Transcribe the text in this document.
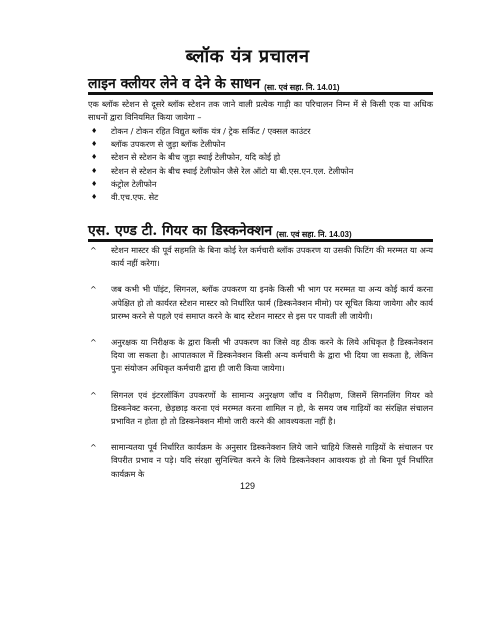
ब्लॉक यंत्र प्रचालन
लाइन क्लीयर लेने व देने के साधन (सा. एवं सहा. नि. 14.01)
एक ब्लॉक स्टेशन से दूसरे ब्लॉक स्टेशन तक जाने वाली प्रत्येक गाड़ी का परिचालन निम्न में से किसी एक या अधिक साधनों द्वारा विनियमित किया जायेगा –
♦ टोकन / टोकन रहित विद्युत ब्लॉक यंत्र / ट्रेक सर्किट / एक्सल काउंटर
♦ ब्लॉक उपकरण से जुड़ा ब्लॉक टेलीफोन
♦ स्टेशन से स्टेशन के बीच जुड़ा स्थाई टेलीफोन, यदि कोई हो
♦ स्टेशन से स्टेशन के बीच स्थाई टेलीफोन जैसे रेल ऑटो या बी.एस.एन.एल. टेलीफोन
♦ कंट्रोल टेलीफोन
♦ वी.एच.एफ. सेट
एस. एण्ड टी. गियर का डिस्कनेक्शन (सा. एवं सहा. नि. 14.03)
^ स्टेशन मास्टर की पूर्व सहमति के बिना कोई रेल कर्मचारी ब्लॉक उपकरण या उसकी फिटिंग की मरम्मत या अन्य कार्य नहीं करेगा।
^ जब कभी भी पॉइंट, सिगनल, ब्लॉक उपकरण या इनके किसी भी भाग पर मरम्मत या अन्य कोई कार्य करना अपेक्षित हो तो कार्यरत स्टेशन मास्टर को निर्धारित फार्म (डिस्कनेक्शन मीमो) पर सूचित किया जायेगा और कार्य प्रारम्भ करने से पहले एवं समाप्त करने के बाद स्टेशन मास्टर से इस पर पावती ली जायेगी।
^ अनुरक्षक या निरीक्षक के द्वारा किसी भी उपकरण का जिसे वह ठीक करने के लिये अधिकृत है डिस्कनेक्शन दिया जा सकता है। आपातकाल में डिस्कनेक्शन किसी अन्य कर्मचारी के द्वारा भी दिया जा सकता है, लेकिन पुनः संयोजन अधिकृत कर्मचारी द्वारा ही जारी किया जायेगा।
^ सिगनल एवं इंटरलॉकिंग उपकरणों के सामान्य अनुरक्षण जाँच व निरीक्षण, जिसमें सिगनलिंग गियर को डिस्कनेक्ट करना, छेड़छाड़ करना एवं मरम्मत करना शामिल न हो, के समय जब गाड़ियों का संरक्षित संचालन प्रभावित न होता हो तो डिस्कनेक्शन मीमो जारी करने की आवश्यकता नहीं है।
^ सामान्यतया पूर्व निर्धारित कार्यक्रम के अनुसार डिस्कनेक्शन लिये जाने चाहिये जिससे गाड़ियों के संचालन पर विपरीत प्रभाव न पड़े। यदि संरक्षा सुनिश्चित करने के लिये डिस्कनेक्शन आवश्यक हो तो बिना पूर्व निर्धारित कार्यक्रम के
129
